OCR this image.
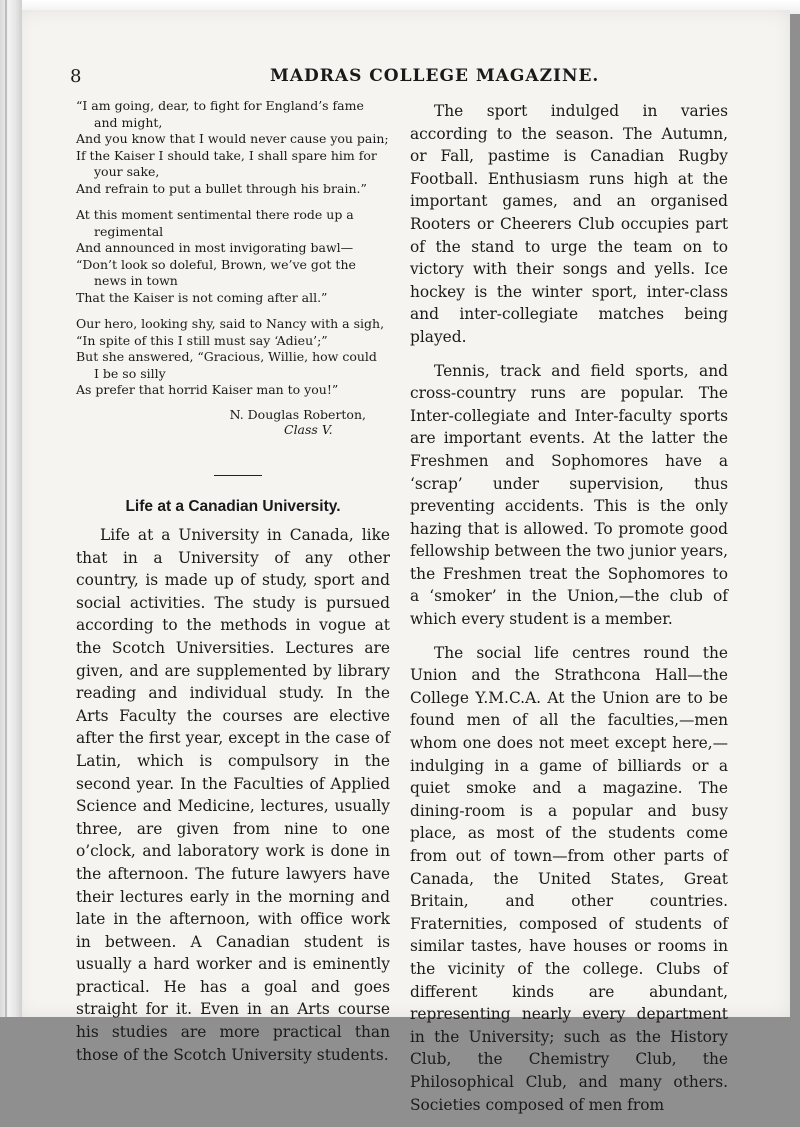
8	MADRAS COLLEGE MAGAZINE.
“I am going, dear, to fight for England’s fame
and might,
And you know that I would never cause you pain;
If the Kaiser I should take, I shall spare him for
your sake,
And refrain to put a bullet through his brain.”
At this moment sentimental there rode up a
regimental
And announced in most invigorating bawl—
“Don’t look so doleful, Brown, we’ve got the
news in town
That the Kaiser is not coming after all.”
Our hero, looking shy, said to Nancy with a sigh,
“In spite of this I still must say ‘Adieu’;”
But she answered, “Gracious, Willie, how could
I be so silly
As prefer that horrid Kaiser man to you!”
N. Douglas Roberton,
Class V.
Life at a Canadian University.

Life at a University in Canada, like that in a University of any other country, is made up of study, sport and social activities. The study is pursued according to the methods in vogue at the Scotch Universities. Lectures are given, and are supplemented by library reading and individual study. In the Arts Faculty the courses are elective after the first year, except in the case of Latin, which is compulsory in the second year. In the Faculties of Applied Science and Medicine, lectures, usually three, are given from nine to one o’clock, and laboratory work is done in the afternoon. The future lawyers have their lectures early in the morning and late in the afternoon, with office work in between. A Canadian student is usually a hard worker and is eminently practical. He has a goal and goes straight for it. Even in an Arts course his studies are more practical than those of the Scotch University students.

The sport indulged in varies according to the season. The Autumn, or Fall, pastime is Canadian Rugby Football. Enthusiasm runs high at the important games, and an organised Rooters or Cheerers Club occupies part of the stand to urge the team on to victory with their songs and yells. Ice hockey is the winter sport, inter-class and inter-collegiate matches being played.

Tennis, track and field sports, and cross-country runs are popular. The Inter-collegiate and Inter-faculty sports are important events. At the latter the Freshmen and Sophomores have a ‘scrap’ under supervision, thus preventing accidents. This is the only hazing that is allowed. To promote good fellowship between the two junior years, the Freshmen treat the Sophomores to a ‘smoker’ in the Union,—the club of which every student is a member.

The social life centres round the Union and the Strathcona Hall—the College Y.M.C.A. At the Union are to be found men of all the faculties,—men whom one does not meet except here,—indulging in a game of billiards or a quiet smoke and a magazine. The dining-room is a popular and busy place, as most of the students come from out of town—from other parts of Canada, the United States, Great Britain, and other countries. Fraternities, composed of students of similar tastes, have houses or rooms in the vicinity of the college. Clubs of different kinds are abundant, representing nearly every department in the University; such as the History Club, the Chemistry Club, the Philosophical Club, and many others. Societies composed of men from
